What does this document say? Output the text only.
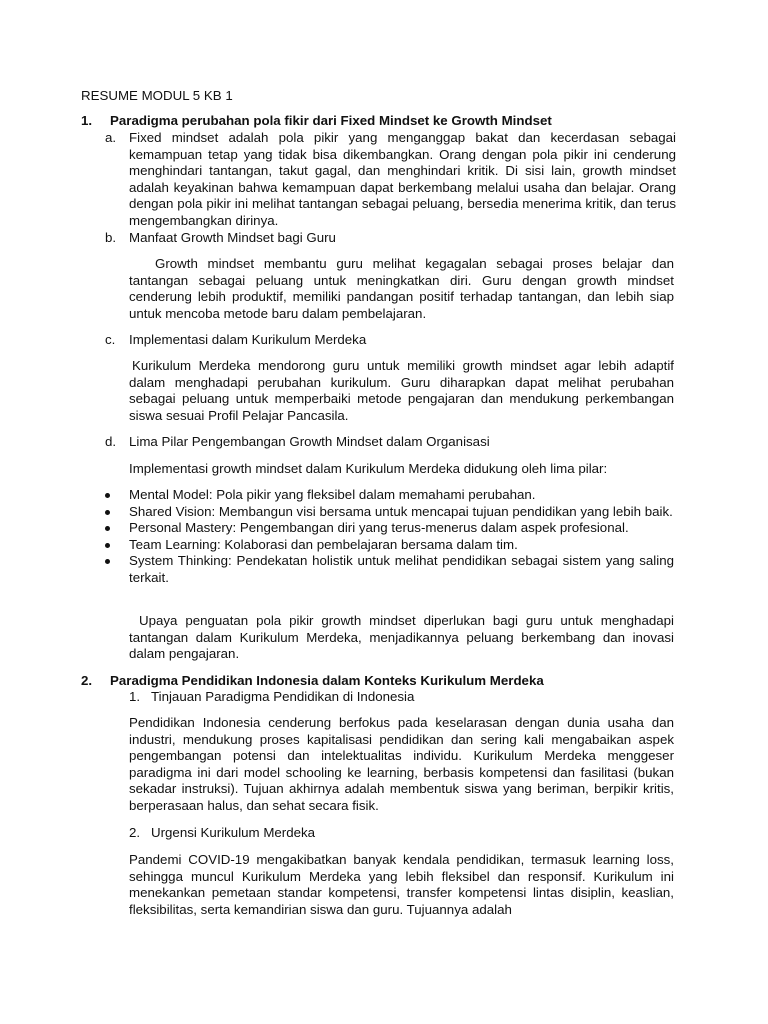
RESUME MODUL 5 KB 1
1. Paradigma perubahan pola fikir dari Fixed Mindset ke Growth Mindset
a. Fixed mindset adalah pola pikir yang menganggap bakat dan kecerdasan sebagai kemampuan tetap yang tidak bisa dikembangkan. Orang dengan pola pikir ini cenderung menghindari tantangan, takut gagal, dan menghindari kritik. Di sisi lain, growth mindset adalah keyakinan bahwa kemampuan dapat berkembang melalui usaha dan belajar. Orang dengan pola pikir ini melihat tantangan sebagai peluang, bersedia menerima kritik, dan terus mengembangkan dirinya.
b. Manfaat Growth Mindset bagi Guru
Growth mindset membantu guru melihat kegagalan sebagai proses belajar dan tantangan sebagai peluang untuk meningkatkan diri. Guru dengan growth mindset cenderung lebih produktif, memiliki pandangan positif terhadap tantangan, dan lebih siap untuk mencoba metode baru dalam pembelajaran.
c. Implementasi dalam Kurikulum Merdeka
Kurikulum Merdeka mendorong guru untuk memiliki growth mindset agar lebih adaptif dalam menghadapi perubahan kurikulum. Guru diharapkan dapat melihat perubahan sebagai peluang untuk memperbaiki metode pengajaran dan mendukung perkembangan siswa sesuai Profil Pelajar Pancasila.
d. Lima Pilar Pengembangan Growth Mindset dalam Organisasi
Implementasi growth mindset dalam Kurikulum Merdeka didukung oleh lima pilar:
Mental Model: Pola pikir yang fleksibel dalam memahami perubahan.
Shared Vision: Membangun visi bersama untuk mencapai tujuan pendidikan yang lebih baik.
Personal Mastery: Pengembangan diri yang terus-menerus dalam aspek profesional.
Team Learning: Kolaborasi dan pembelajaran bersama dalam tim.
System Thinking: Pendekatan holistik untuk melihat pendidikan sebagai sistem yang saling terkait.
Upaya penguatan pola pikir growth mindset diperlukan bagi guru untuk menghadapi tantangan dalam Kurikulum Merdeka, menjadikannya peluang berkembang dan inovasi dalam pengajaran.
2. Paradigma Pendidikan Indonesia dalam Konteks Kurikulum Merdeka
1. Tinjauan Paradigma Pendidikan di Indonesia
Pendidikan Indonesia cenderung berfokus pada keselarasan dengan dunia usaha dan industri, mendukung proses kapitalisasi pendidikan dan sering kali mengabaikan aspek pengembangan potensi dan intelektualitas individu. Kurikulum Merdeka menggeser paradigma ini dari model schooling ke learning, berbasis kompetensi dan fasilitasi (bukan sekadar instruksi). Tujuan akhirnya adalah membentuk siswa yang beriman, berpikir kritis, berperasaan halus, dan sehat secara fisik.
2. Urgensi Kurikulum Merdeka
Pandemi COVID-19 mengakibatkan banyak kendala pendidikan, termasuk learning loss, sehingga muncul Kurikulum Merdeka yang lebih fleksibel dan responsif. Kurikulum ini menekankan pemetaan standar kompetensi, transfer kompetensi lintas disiplin, keaslian, fleksibilitas, serta kemandirian siswa dan guru. Tujuannya adalah
